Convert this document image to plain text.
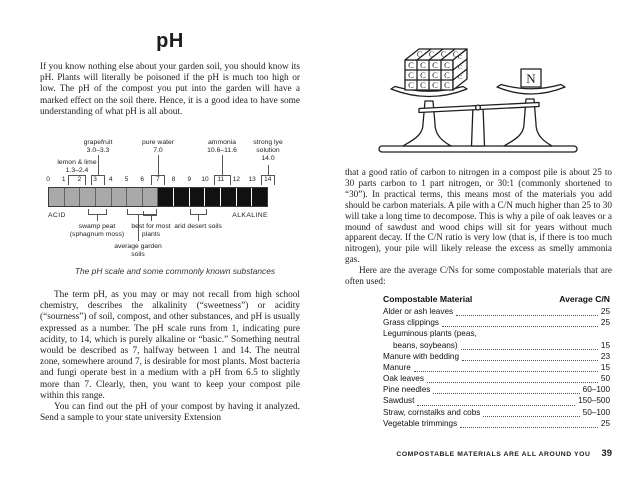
pH

If you know nothing else about your garden soil, you should know its pH. Plants will literally be poisoned if the pH is much too high or low. The pH of the compost you put into the garden will have a marked effect on the soil there. Hence, it is a good idea to have some understanding of what pH is all about.

lemon & lime
1.3–2.4
grapefruit
3.0–3.3
pure water
7.0
ammonia
10.6–11.6
strong lye solution
14.0
0	1	2	3	4	5	6	7	8	9	10	11	12	13	14
ACID	ALKALINE
swamp peat (sphagnum moss)
best for most plants
average garden soils
arid desert soils
The pH scale and some commonly known substances

The term pH, as you may or may not recall from high school chemistry, describes the alkalinity (“sweetness”) or acidity (“sourness”) of soil, compost, and other substances, and pH is usually expressed as a number. The pH scale runs from 1, indicating pure acidity, to 14, which is purely alkaline or “basic.” Something neutral would be described as 7, halfway between 1 and 14. The neutral zone, somewhere around 7, is desirable for most plants. Most bacteria and fungi operate best in a medium with a pH from 6.5 to slightly more than 7. Clearly, then, you want to keep your compost pile within this range.

You can find out the pH of your compost by having it analyzed. Send a sample to your state university Extension

C C C C
C C C C
C C C C
C C C C C
C
C	N

that a good ratio of carbon to nitrogen in a compost pile is about 25 to 30 parts carbon to 1 part nitrogen, or 30:1 (commonly shortened to “30”). In practical terms, this means most of the materials you add should be carbon materials. A pile with a C/N much higher than 25 to 30 will take a long time to decompose. This is why a pile of oak leaves or a mound of sawdust and wood chips will sit for years without much apparent decay. If the C/N ratio is very low (that is, if there is too much nitrogen), your pile will likely release the excess as smelly ammonia gas.

Here are the average C/Ns for some compostable materials that are often used:

Compostable Material	Average C/N
Alder or ash leaves	25
Grass clippings	25
Leguminous plants (peas,
beans, soybeans)	15
Manure with bedding	23
Manure	15
Oak leaves	50
Pine needles	60–100
Sawdust	150–500
Straw, cornstalks and cobs	50–100
Vegetable trimmings	25
COMPOSTABLE MATERIALS ARE ALL AROUND YOU 39
